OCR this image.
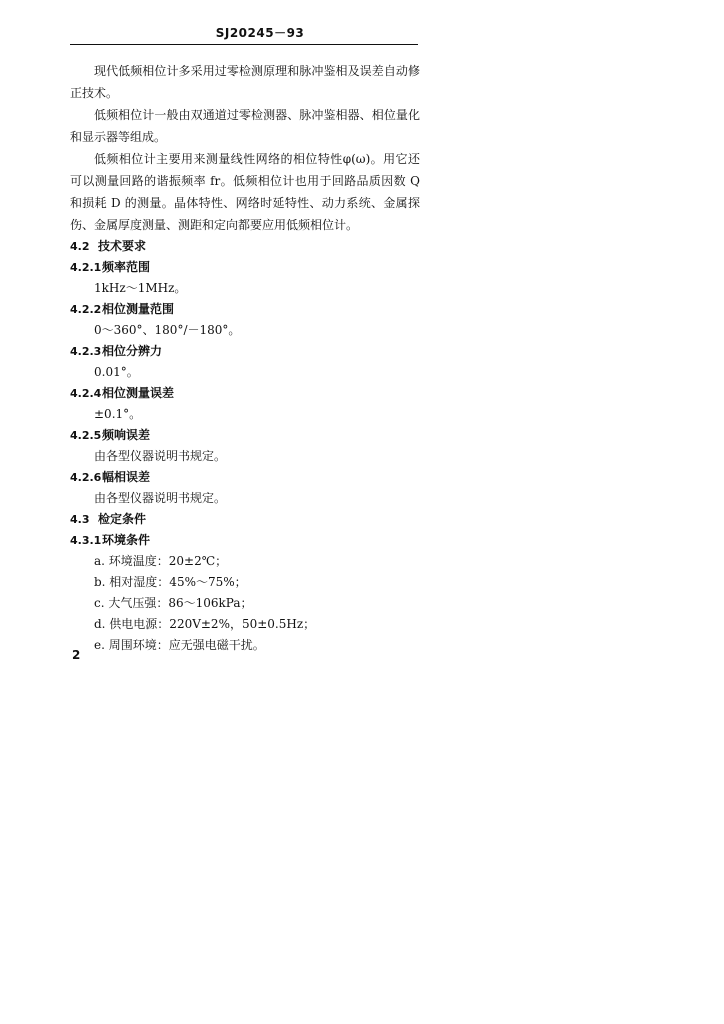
SJ20245－93

现代低频相位计多采用过零检测原理和脉冲鉴相及误差自动修正技术。

低频相位计一般由双通道过零检测器、脉冲鉴相器、相位量化和显示器等组成。

低频相位计主要用来测量线性网络的相位特性φ(ω)。用它还可以测量回路的谐振频率 fr。低频相位计也用于回路品质因数 Q 和损耗 D 的测量。晶体特性、网络时延特性、动力系统、金属探伤、金属厚度测量、测距和定向都要应用低频相位计。

4.2 技术要求
4.2.1 频率范围

1kHz～1MHz。

4.2.2 相位测量范围

0～360°、180°/－180°。

4.2.3 相位分辨力

0.01°。

4.2.4 相位测量误差

±0.1°。

4.2.5 频响误差

由各型仪器说明书规定。

4.2.6 幅相误差

由各型仪器说明书规定。

4.3 检定条件
4.3.1 环境条件

a. 环境温度：20±2℃；

b. 相对湿度：45%～75%；

c. 大气压强：86～106kPa；

d. 供电电源：220V±2%，50±0.5Hz；

e. 周围环境：应无强电磁干扰。

2
